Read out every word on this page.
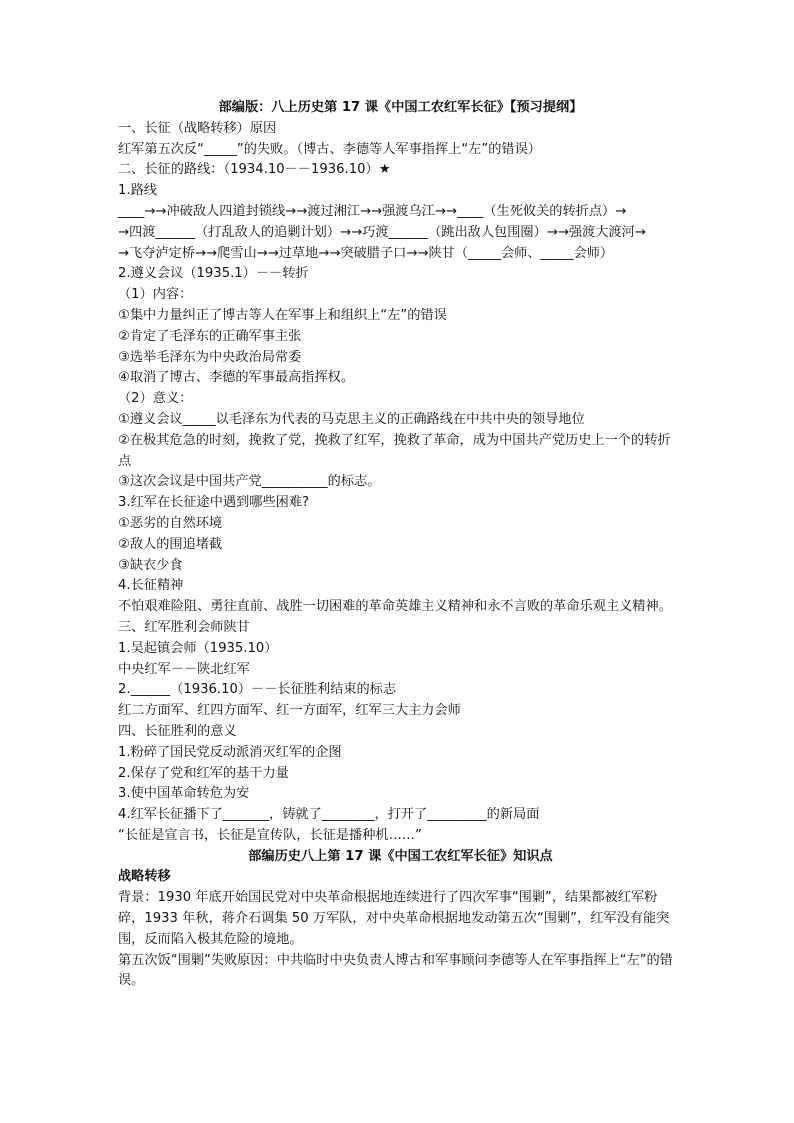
部编版：八上历史第 17 课《中国工农红军长征》【预习提纲】
一、长征（战略转移）原因
红军第五次反“_____”的失败。（博古、李德等人军事指挥上“左”的错误）
二、长征的路线：（1934.10－－1936.10）★
1.路线
____→→冲破敌人四道封锁线→→渡过湘江→→强渡乌江→→____（生死攸关的转折点）→
→四渡______（打乱敌人的追剿计划）→→巧渡______（跳出敌人包围圈）→→强渡大渡河→
→飞夺泸定桥→→爬雪山→→过草地→→突破腊子口→→陕甘（_____会师、_____会师）
2.遵义会议（1935.1）－－转折
（1）内容：
①集中力量纠正了博古等人在军事上和组织上“左”的错误
②肯定了毛泽东的正确军事主张
③选举毛泽东为中央政治局常委
④取消了博古、李德的军事最高指挥权。
（2）意义：
①遵义会议_____以毛泽东为代表的马克思主义的正确路线在中共中央的领导地位
②在极其危急的时刻，挽救了党，挽救了红军，挽救了革命，成为中国共产党历史上一个的转折点
③这次会议是中国共产党__________的标志。
3.红军在长征途中遇到哪些困难?
①恶劣的自然环境
②敌人的围追堵截
③缺衣少食
4.长征精神
不怕艰难险阻、勇往直前、战胜一切困难的革命英雄主义精神和永不言败的革命乐观主义精神。
三、红军胜利会师陕甘
1.吴起镇会师（1935.10）
中央红军－－陕北红军
2.______（1936.10）－－长征胜利结束的标志
红二方面军、红四方面军、红一方面军，红军三大主力会师
四、长征胜利的意义
1.粉碎了国民党反动派消灭红军的企图
2.保存了党和红军的基干力量
3.使中国革命转危为安
4.红军长征播下了_______，铸就了________，打开了_________的新局面
“长征是宣言书，长征是宣传队，长征是播种机……”
部编历史八上第 17 课《中国工农红军长征》知识点
战略转移
背景：1930 年底开始国民党对中央革命根据地连续进行了四次军事“围剿”，结果都被红军粉碎，1933 年秋，蒋介石调集 50 万军队，对中央革命根据地发动第五次“围剿”，红军没有能突围，反而陷入极其危险的境地。
第五次饭“围剿”失败原因：中共临时中央负责人博古和军事顾问李德等人在军事指挥上“左”的错误。
